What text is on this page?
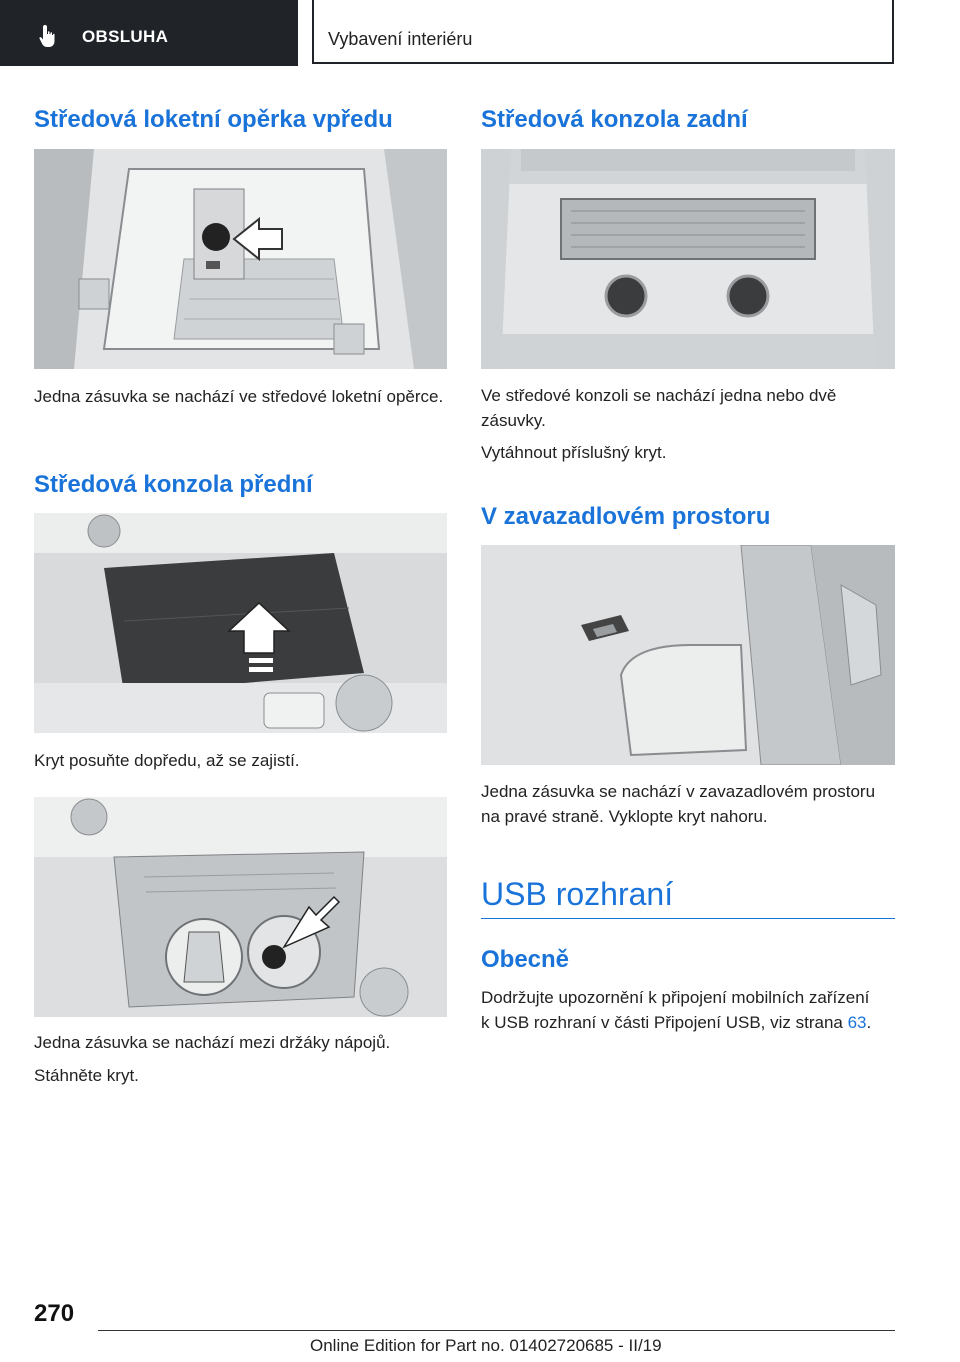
OBSLUHA	Vybavení interiéru
Středová loketní opěrka vpředu

Jedna zásuvka se nachází ve středové loketní opěrce.

Středová konzola přední

Kryt posuňte dopředu, až se zajistí.

Jedna zásuvka se nachází mezi držáky nápojů.

Stáhněte kryt.

Středová konzola zadní

Ve středové konzoli se nachází jedna nebo dvě zásuvky.

Vytáhnout příslušný kryt.

V zavazadlovém prostoru

Jedna zásuvka se nachází v zavazadlovém prostoru na pravé straně. Vyklopte kryt nahoru.

USB rozhraní
Obecně

Dodržujte upozornění k připojení mobilních zařízení k USB rozhraní v části Připojení USB, viz strana 63.

270
Online Edition for Part no. 01402720685 - II/19
